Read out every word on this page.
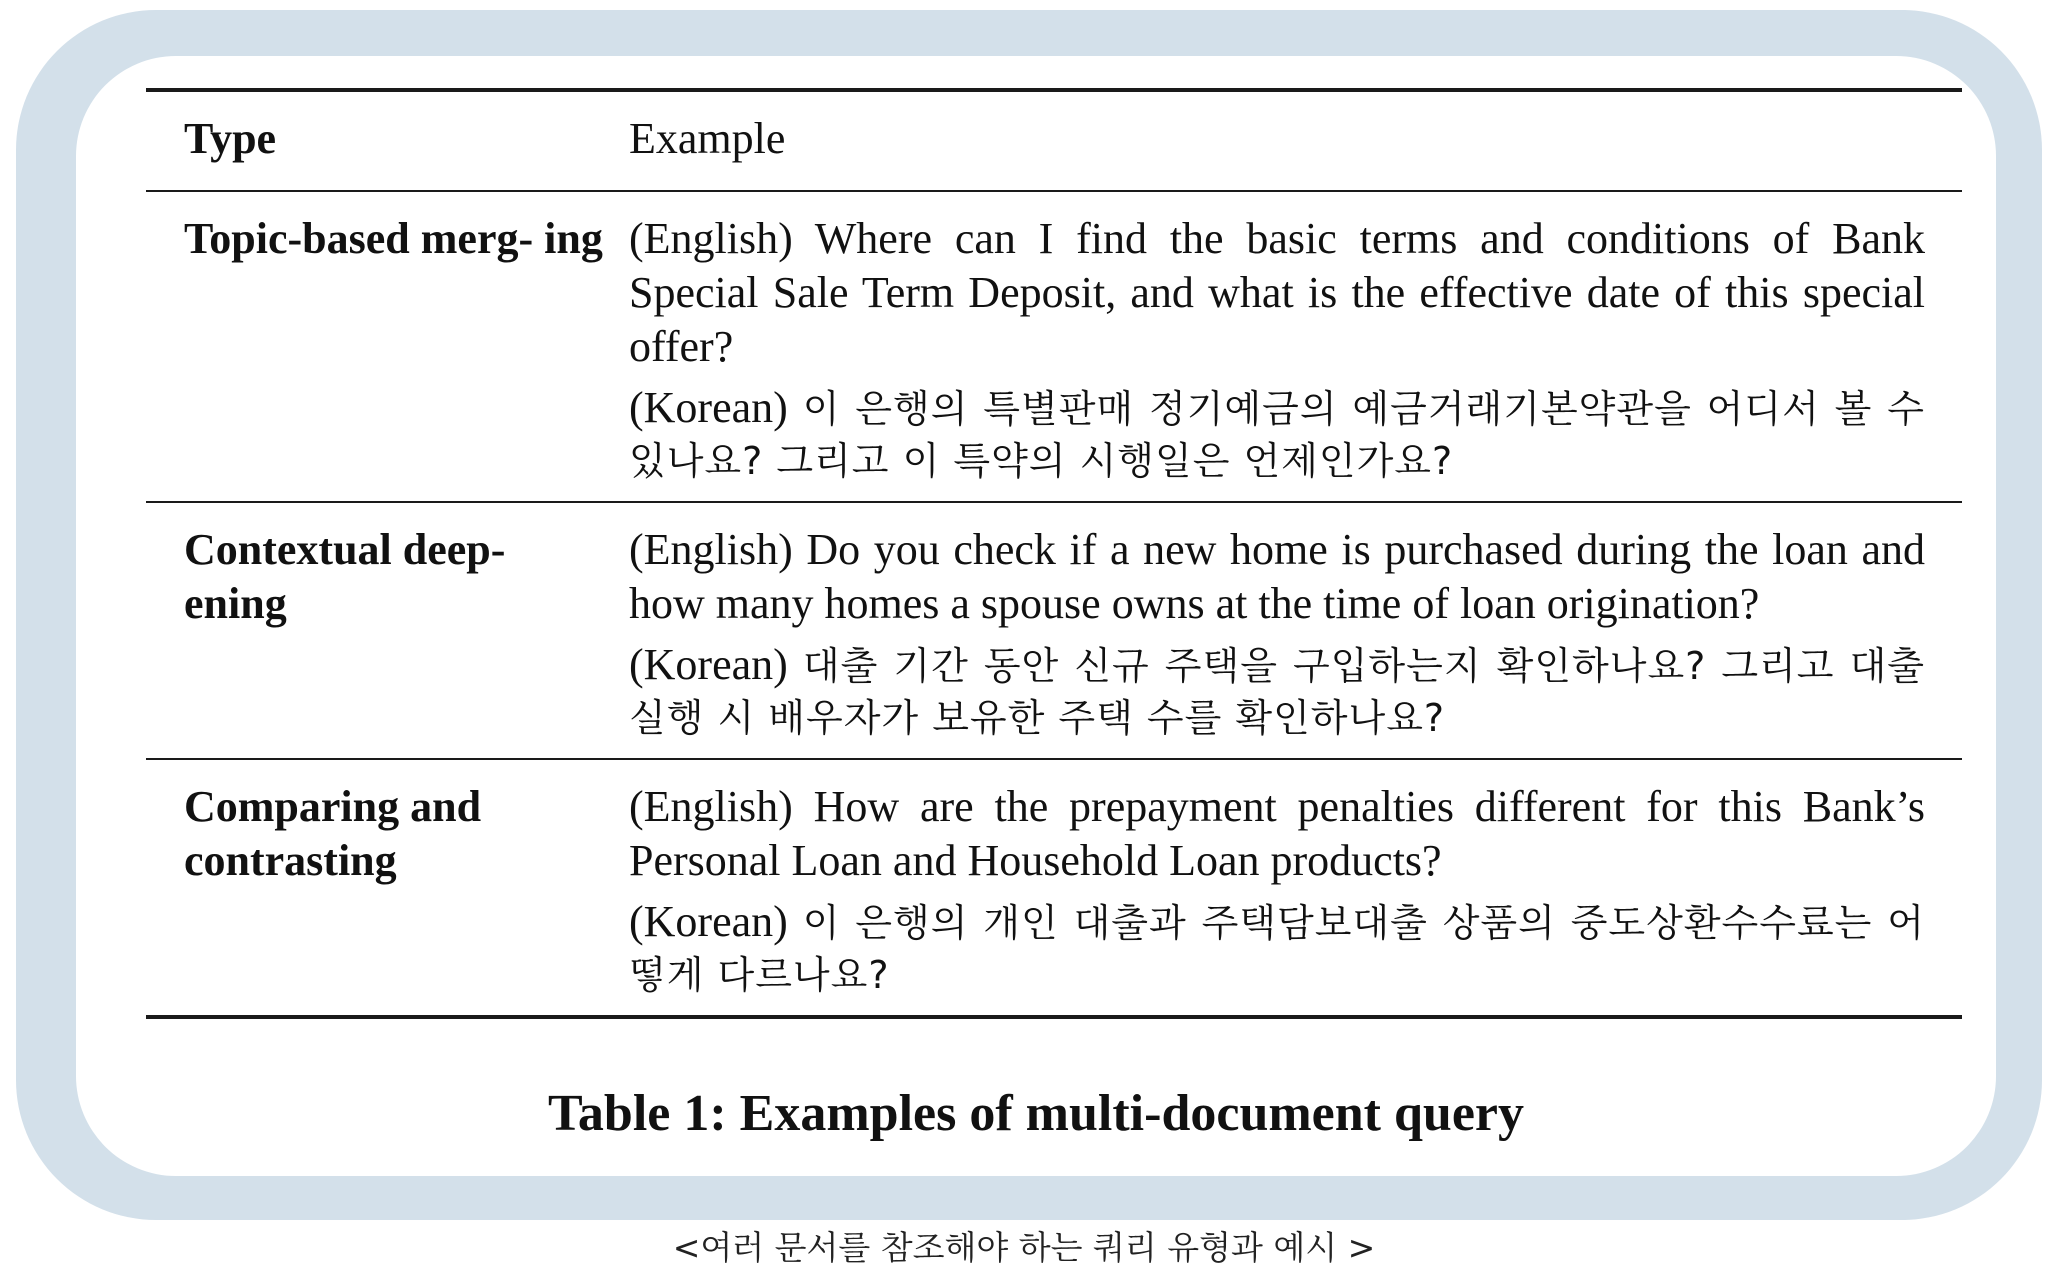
Type	Example
Topic-based merg- ing (English) Where can I find the basic terms and conditions of Bank Special Sale Term Deposit, and what is the effective date of this special offer?

(Korean) 이 은행의 특별판매 정기예금의 예금거래기본약관을 어디서 볼 수 있나요? 그리고 이 특약의 시행일은 언제인가요?

Contextual deep- ening

(English) Do you check if a new home is purchased during the loan and how many homes a spouse owns at the time of loan origination?

(Korean) 대출 기간 동안 신규 주택을 구입하는지 확인하나요? 그리고 대출 실행 시 배우자가 보유한 주택 수를 확인하나요?

Comparing and contrasting

(English) How are the prepayment penalties different for this Bank’s Personal Loan and Household Loan products?

(Korean) 이 은행의 개인 대출과 주택담보대출 상품의 중도상환수수료는 어떻게 다르나요?

Table 1: Examples of multi-document query
<여러 문서를 참조해야 하는 쿼리 유형과 예시 >
